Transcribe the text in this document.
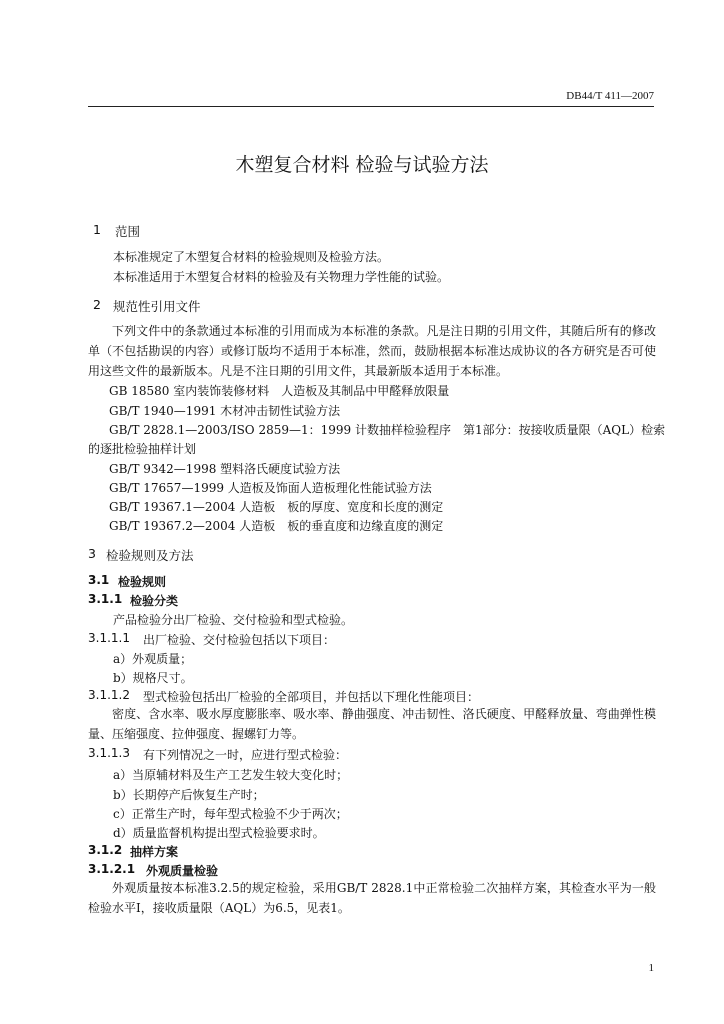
DB44/T 411—2007
木塑复合材料 检验与试验方法
1 范围
本标准规定了木塑复合材料的检验规则及检验方法。
本标准适用于木塑复合材料的检验及有关物理力学性能的试验。
2 规范性引用文件
下列文件中的条款通过本标准的引用而成为本标准的条款。凡是注日期的引用文件，其随后所有的修改单（不包括勘误的内容）或修订版均不适用于本标准，然而，鼓励根据本标准达成协议的各方研究是否可使用这些文件的最新版本。凡是不注日期的引用文件，其最新版本适用于本标准。
GB 18580 室内装饰装修材料　人造板及其制品中甲醛释放限量
GB/T 1940—1991 木材冲击韧性试验方法
GB/T 2828.1—2003/ISO 2859—1：1999 计数抽样检验程序　第1部分：按接收质量限（AQL）检索
的逐批检验抽样计划
GB/T 9342—1998 塑料洛氏硬度试验方法
GB/T 17657—1999 人造板及饰面人造板理化性能试验方法
GB/T 19367.1—2004 人造板　板的厚度、宽度和长度的测定
GB/T 19367.2—2004 人造板　板的垂直度和边缘直度的测定
3 检验规则及方法
3.1 检验规则
3.1.1 检验分类
产品检验分出厂检验、交付检验和型式检验。
3.1.1.1 出厂检验、交付检验包括以下项目：
a）外观质量；
b）规格尺寸。
3.1.1.2 型式检验包括出厂检验的全部项目，并包括以下理化性能项目：
密度、含水率、吸水厚度膨胀率、吸水率、静曲强度、冲击韧性、洛氏硬度、甲醛释放量、弯曲弹性模量、压缩强度、拉伸强度、握螺钉力等。
3.1.1.3 有下列情况之一时，应进行型式检验：
a）当原辅材料及生产工艺发生较大变化时；
b）长期停产后恢复生产时；
c）正常生产时，每年型式检验不少于两次；
d）质量监督机构提出型式检验要求时。
3.1.2 抽样方案
3.1.2.1 外观质量检验
外观质量按本标准3.2.5的规定检验，采用GB/T 2828.1中正常检验二次抽样方案，其检查水平为一般检验水平Ⅰ，接收质量限（AQL）为6.5，见表1。
1
